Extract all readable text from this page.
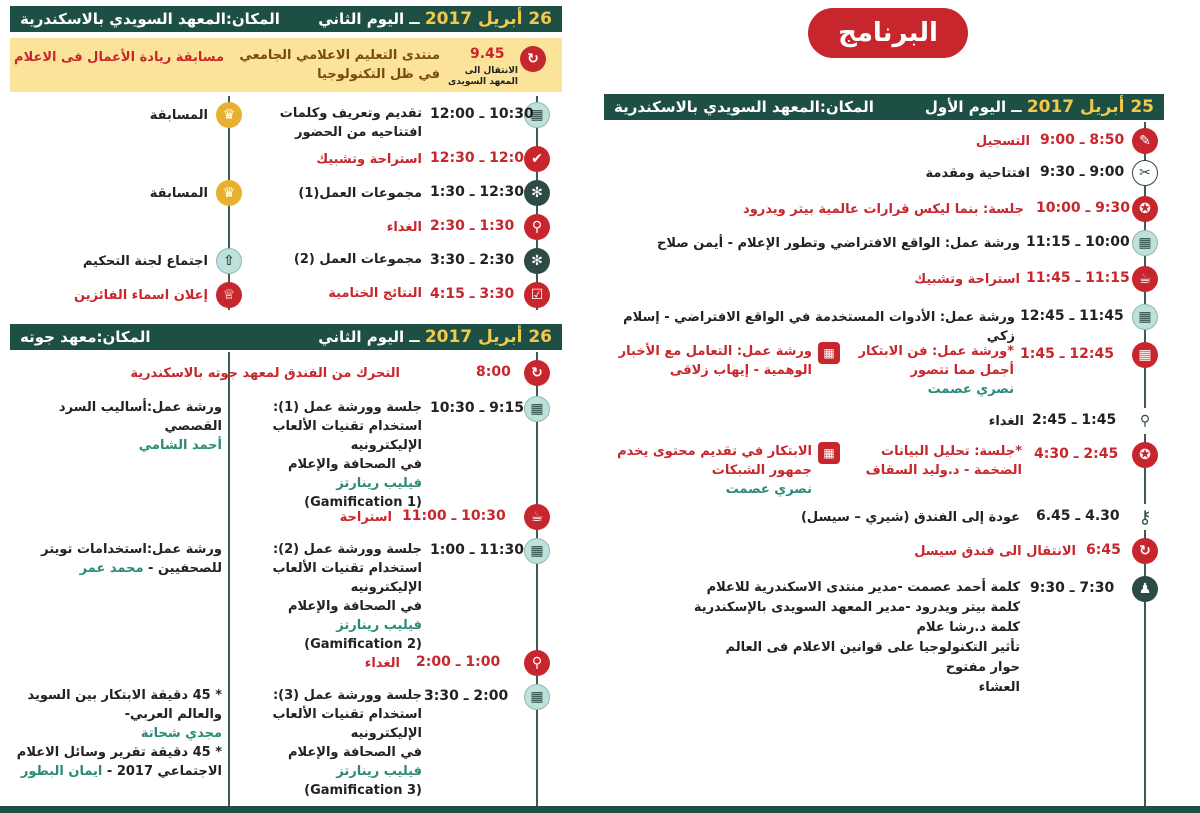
26 أبريل 2017 ــ اليوم الثاني
المكان:المعهد السويدي بالاسكندرية
↻
9.45
الانتقال الى المعهد السويدى
منتدى التعليم الاعلامي الجامعي في ظل التكنولوجيا
مسابقة ريادة الأعمال فى الاعلام
▦
10:30 ـ 12:00
تقديم وتعريف وكلمات افتتاحيه من الحضور
♛
المسابقة
✔
12:00 ـ 12:30
استراحة وتشبيك
✻
12:30 ـ 1:30
مجموعات العمل(1)
♛
المسابقة
⚲
1:30 ـ 2:30
الغداء
✻
2:30 ـ 3:30
مجموعات العمل (2)
⇧
اجتماع لجنة التحكيم
☑
3:30 ـ 4:15
النتائج الختامية
♕
إعلان اسماء الفائزين
26 أبريل 2017 ــ اليوم الثاني
المكان:معهد جوته
↻
8:00
التحرك من الفندق لمعهد جوته بالاسكندرية
▦
9:15 ـ 10:30
جلسة وورشة عمل (1):
استخدام تقنيات الألعاب
الإليكترونيه
في الصحافة والإعلام
فيليب رينارتز
(Gamification 1)
ورشة عمل:أساليب السرد القصصي
أحمد الشامي
☕
10:30 ـ 11:00
استراحة
▦
11:30 ـ 1:00
جلسة وورشة عمل (2):
استخدام تقنيات الألعاب
الإليكترونيه
في الصحافة والإعلام
فيليب رينارتز
(Gamification 2)
ورشة عمل:استخدامات تويتر
للصحفيين - محمد عمر
⚲
1:00 ـ 2:00
الغداء
▦
2:00 ـ 3:30
جلسة وورشة عمل (3):
استخدام تقنيات الألعاب
الإليكترونيه
في الصحافة والإعلام
فيليب رينارتز
(Gamification 3)
* 45 دقيقة الابتكار بين السويد
والعالم العربي-
مجدي شحاتة
* 45 دقيقة تقرير وسائل الاعلام
الاجتماعي 2017 - ايمان البطور
البرنامج
25 أبريل 2017 ــ اليوم الأول
المكان:المعهد السويدي بالاسكندرية
✎
8:50 ـ 9:00
التسجيل
✂
9:00 ـ 9:30
افتتاحية ومقدمة
✪
9:30 ـ 10:00
جلسة: بنما ليكس قرارات عالمية بيتر ويدرود
▦
10:00 ـ 11:15
ورشة عمل: الواقع الافتراضي وتطور الإعلام - أيمن صلاح
☕
11:15 ـ 11:45
استراحة وتشبيك
▦
11:45 ـ 12:45
ورشة عمل: الأدوات المستخدمة في الواقع الافتراضي - إسلام زكي
▦
12:45 ـ 1:45
*ورشة عمل: فن الابتكار أجمل مما تتصور
نصري عصمت
▦
ورشة عمل: التعامل مع الأخبار الوهمية - إيهاب زلاقى
⚲
1:45 ـ 2:45
الغداء
✪
2:45 ـ 4:30
*جلسة: تحليل البيانات الضخمة - د.وليد السقاف
▦
الابتكار في تقديم محتوى يخدم جمهور الشبكات
نصري عصمت
⚷
4.30 ـ 6.45
عودة إلى الفندق (شيري – سيسل)
↻
6:45
الانتقال الى فندق سيسل
♟
7:30 ـ 9:30
كلمة أحمد عصمت -مدير منتدى الاسكندرية للاعلام
كلمة بيتر ويدرود -مدير المعهد السويدى بالإسكندرية
كلمة د.رشا علام
تأثير التكنولوجيا على قوانين الاعلام فى العالم
حوار مفتوح
العشاء
